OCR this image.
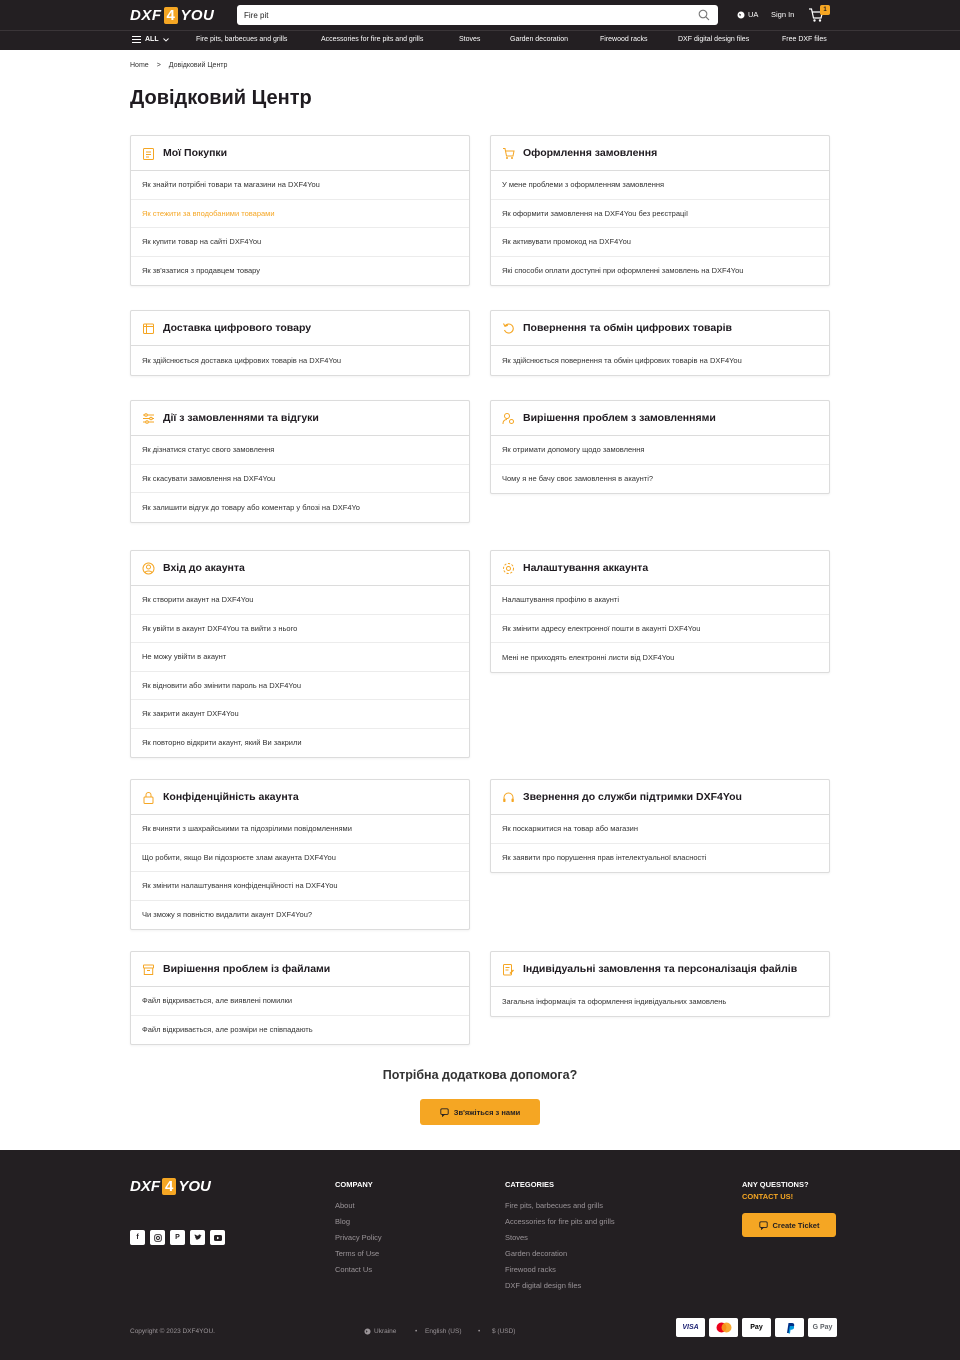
DXF 4 YOU
Fire pit	UA Sign In	1
ALL	Fire pits, barbecues and grills	Accessories for fire pits and grills	Stoves	Garden decoration	Firewood racks	DXF digital design files	Free DXF files
Home > Довідковий Центр
Довідковий Центр
Мої Покупки
Як знайти потрібні товари та магазини на DXF4You
Як стежити за вподобаними товарами
Як купити товар на сайті DXF4You
Як зв'язатися з продавцем товару
Оформлення замовлення
У мене проблеми з оформленням замовлення
Як оформити замовлення на DXF4You без реєстрації
Як активувати промокод на DXF4You
Які способи оплати доступні при оформленні замовлень на DXF4You
Доставка цифрового товару
Як здійснюється доставка цифрових товарів на DXF4You
Повернення та обмін цифрових товарів
Як здійснюється повернення та обмін цифрових товарів на DXF4You
Дії з замовленнями та відгуки
Як дізнатися статус свого замовлення
Як скасувати замовлення на DXF4You
Як залишити відгук до товару або коментар у блозі на DXF4Yo
Вирішення проблем з замовленнями
Як отримати допомогу щодо замовлення
Чому я не бачу своє замовлення в акаунті?
Вхід до акаунта
Як створити акаунт на DXF4You
Як увійти в акаунт DXF4You та вийти з нього
Не можу увійти в акаунт
Як відновити або змінити пароль на DXF4You
Як закрити акаунт DXF4You
Як повторно відкрити акаунт, який Ви закрили
Налаштування аккаунта
Налаштування профілю в акаунті
Як змінити адресу електронної пошти в акаунті DXF4You
Мені не приходять електронні листи від DXF4You
Конфіденційність акаунта
Як вчиняти з шахрайськими та підозрілими повідомленнями
Що робити, якщо Ви підозрюєте злам акаунта DXF4You
Як змінити налаштування конфіденційності на DXF4You
Чи зможу я повністю видалити акаунт DXF4You?
Звернення до служби підтримки DXF4You
Як поскаржитися на товар або магазин
Як заявити про порушення прав інтелектуальної власності
Вирішення проблем із файлами
Файл відкривається, але виявлені помилки
Файл відкривається, але розміри не співпадають
Індивідуальні замовлення та персоналізація файлів
Загальна інформація та оформлення індивідуальних замовлень
Потрібна додаткова допомога?
Зв'яжіться з нами
DXF 4 YOU
f	P
COMPANY
About
Blog
Privacy Policy
Terms of Use
Contact Us
CATEGORIES
Fire pits, barbecues and grills
Accessories for fire pits and grills
Stoves
Garden decoration
Firewood racks
DXF digital design files
ANY QUESTIONS?
CONTACT US!
Create Ticket
Copyright © 2023 DXF4YOU.	Ukraine	• English (US)	• $ (USD)
VISA	Pay	G Pay
